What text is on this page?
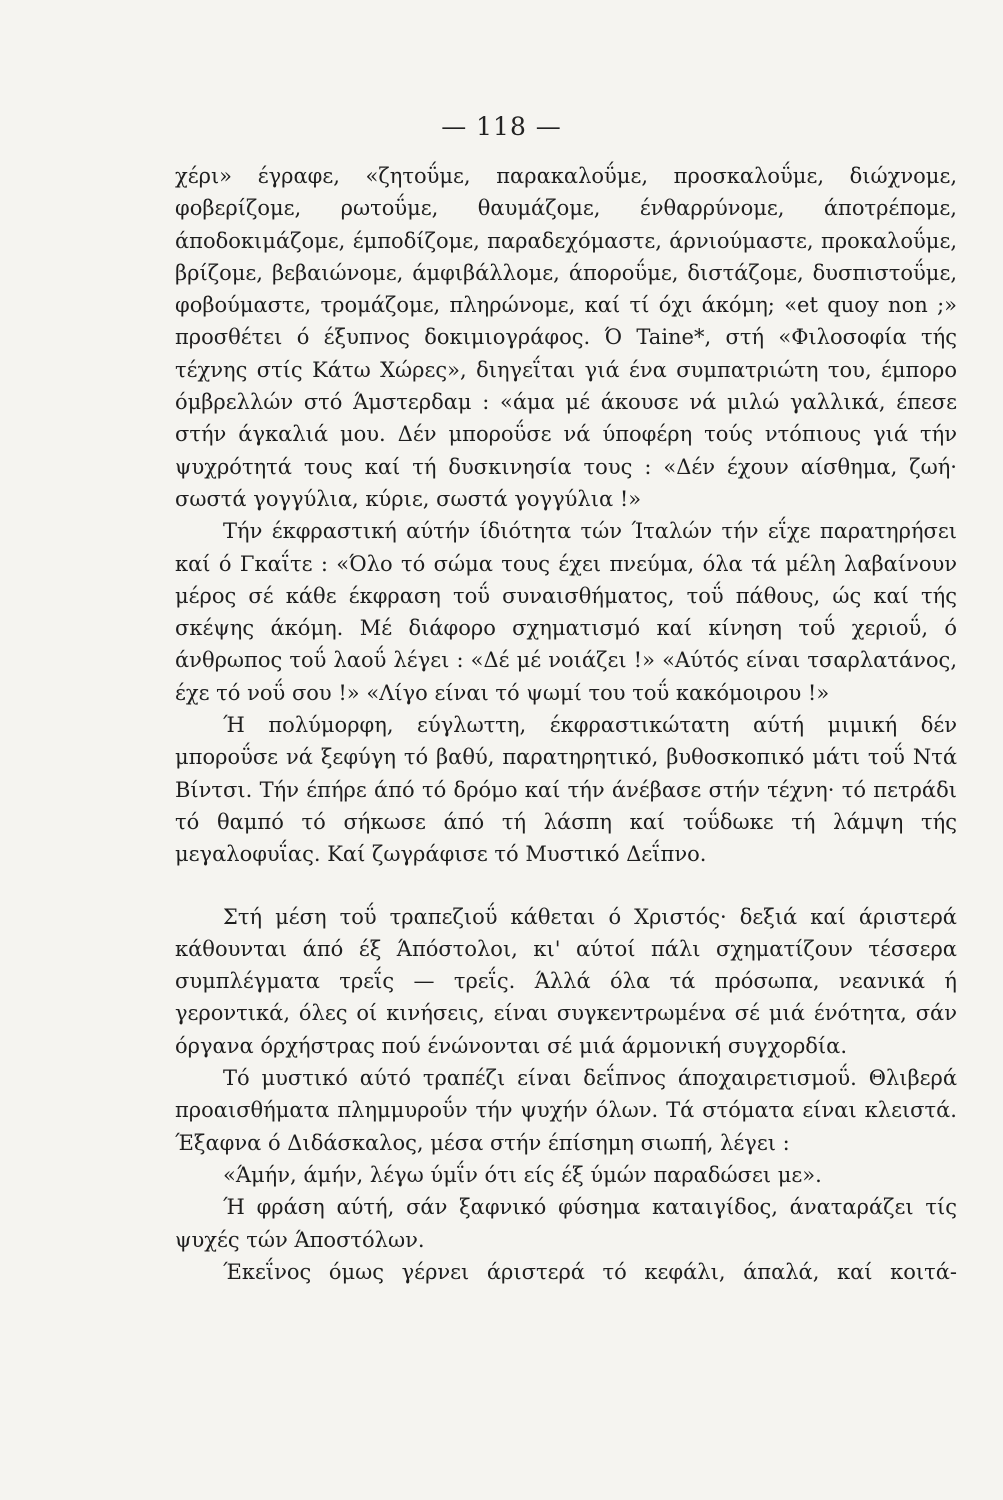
— 118 —

χέρι» έγραφε, «ζητοΰμε, παρακαλοΰμε, προσκαλοΰμε, διώχνομε, φοβερίζομε, ρωτοΰμε, θαυμάζομε, ένθαρρύνομε, άποτρέπομε, άποδοκιμάζομε, έμποδίζομε, παραδεχόμαστε, άρνιούμαστε, προκαλοΰμε, βρίζομε, βεβαιώνομε, άμφιβάλλομε, άποροΰμε, διστάζομε, δυσπιστοΰμε, φοβούμαστε, τρομάζομε, πληρώνομε, καί τί όχι άκόμη; «et quoy non ;» προσθέτει ό έξυπνος δοκιμιογράφος. Ό Taine*, στή «Φιλοσοφία τής τέχνης στίς Κάτω Χώρες», διηγεΐται γιά ένα συμπατριώτη του, έμπορο όμβρελλών στό Άμστερδαμ : «άμα μέ άκουσε νά μιλώ γαλλικά, έπεσε στήν άγκαλιά μου. Δέν μποροΰσε νά ύποφέρη τούς ντόπιους γιά τήν ψυχρότητά τους καί τή δυσκινησία τους : «Δέν έχουν αίσθημα, ζωή· σωστά γογγύλια, κύριε, σωστά γογγύλια !»

Τήν έκφραστική αύτήν ίδιότητα τών Ίταλών τήν εΐχε παρατηρήσει καί ό Γκαΐτε : «Όλο τό σώμα τους έχει πνεύμα, όλα τά μέλη λαβαίνουν μέρος σέ κάθε έκφραση τοΰ συναισθήματος, τοΰ πάθους, ώς καί τής σκέψης άκόμη. Μέ διάφορο σχηματισμό καί κίνηση τοΰ χεριοΰ, ό άνθρωπος τοΰ λαοΰ λέγει : «Δέ μέ νοιάζει !» «Αύτός είναι τσαρλατάνος, έχε τό νοΰ σου !» «Λίγο είναι τό ψωμί του τοΰ κακόμοιρου !»

Ή πολύμορφη, εύγλωττη, έκφραστικώτατη αύτή μιμική δέν μποροΰσε νά ξεφύγη τό βαθύ, παρατηρητικό, βυθοσκοπικό μάτι τοΰ Ντά Βίντσι. Τήν έπήρε άπό τό δρόμο καί τήν άνέβασε στήν τέχνη· τό πετράδι τό θαμπό τό σήκωσε άπό τή λάσπη καί τοΰδωκε τή λάμψη τής μεγαλοφυΐας. Καί ζωγράφισε τό Μυστικό Δεΐπνο.

Στή μέση τοΰ τραπεζιοΰ κάθεται ό Χριστός· δεξιά καί άριστερά κάθουνται άπό έξ Άπόστολοι, κι' αύτοί πάλι σχηματίζουν τέσσερα συμπλέγματα τρεΐς — τρεΐς. Άλλά όλα τά πρόσωπα, νεανικά ή γεροντικά, όλες οί κινήσεις, είναι συγκεντρωμένα σέ μιά ένότητα, σάν όργανα όρχήστρας πού ένώνονται σέ μιά άρμονική συγχορδία.

Τό μυστικό αύτό τραπέζι είναι δεΐπνος άποχαιρετισμοΰ. Θλιβερά προαισθήματα πλημμυροΰν τήν ψυχήν όλων. Τά στόματα είναι κλειστά. Έξαφνα ό Διδάσκαλος, μέσα στήν έπίσημη σιωπή, λέγει :

«Άμήν, άμήν, λέγω ύμΐν ότι είς έξ ύμών παραδώσει με».

Ή φράση αύτή, σάν ξαφνικό φύσημα καταιγίδος, άναταράζει τίς ψυχές τών Άποστόλων.

Έκεΐνος όμως γέρνει άριστερά τό κεφάλι, άπαλά, καί κοιτά-
